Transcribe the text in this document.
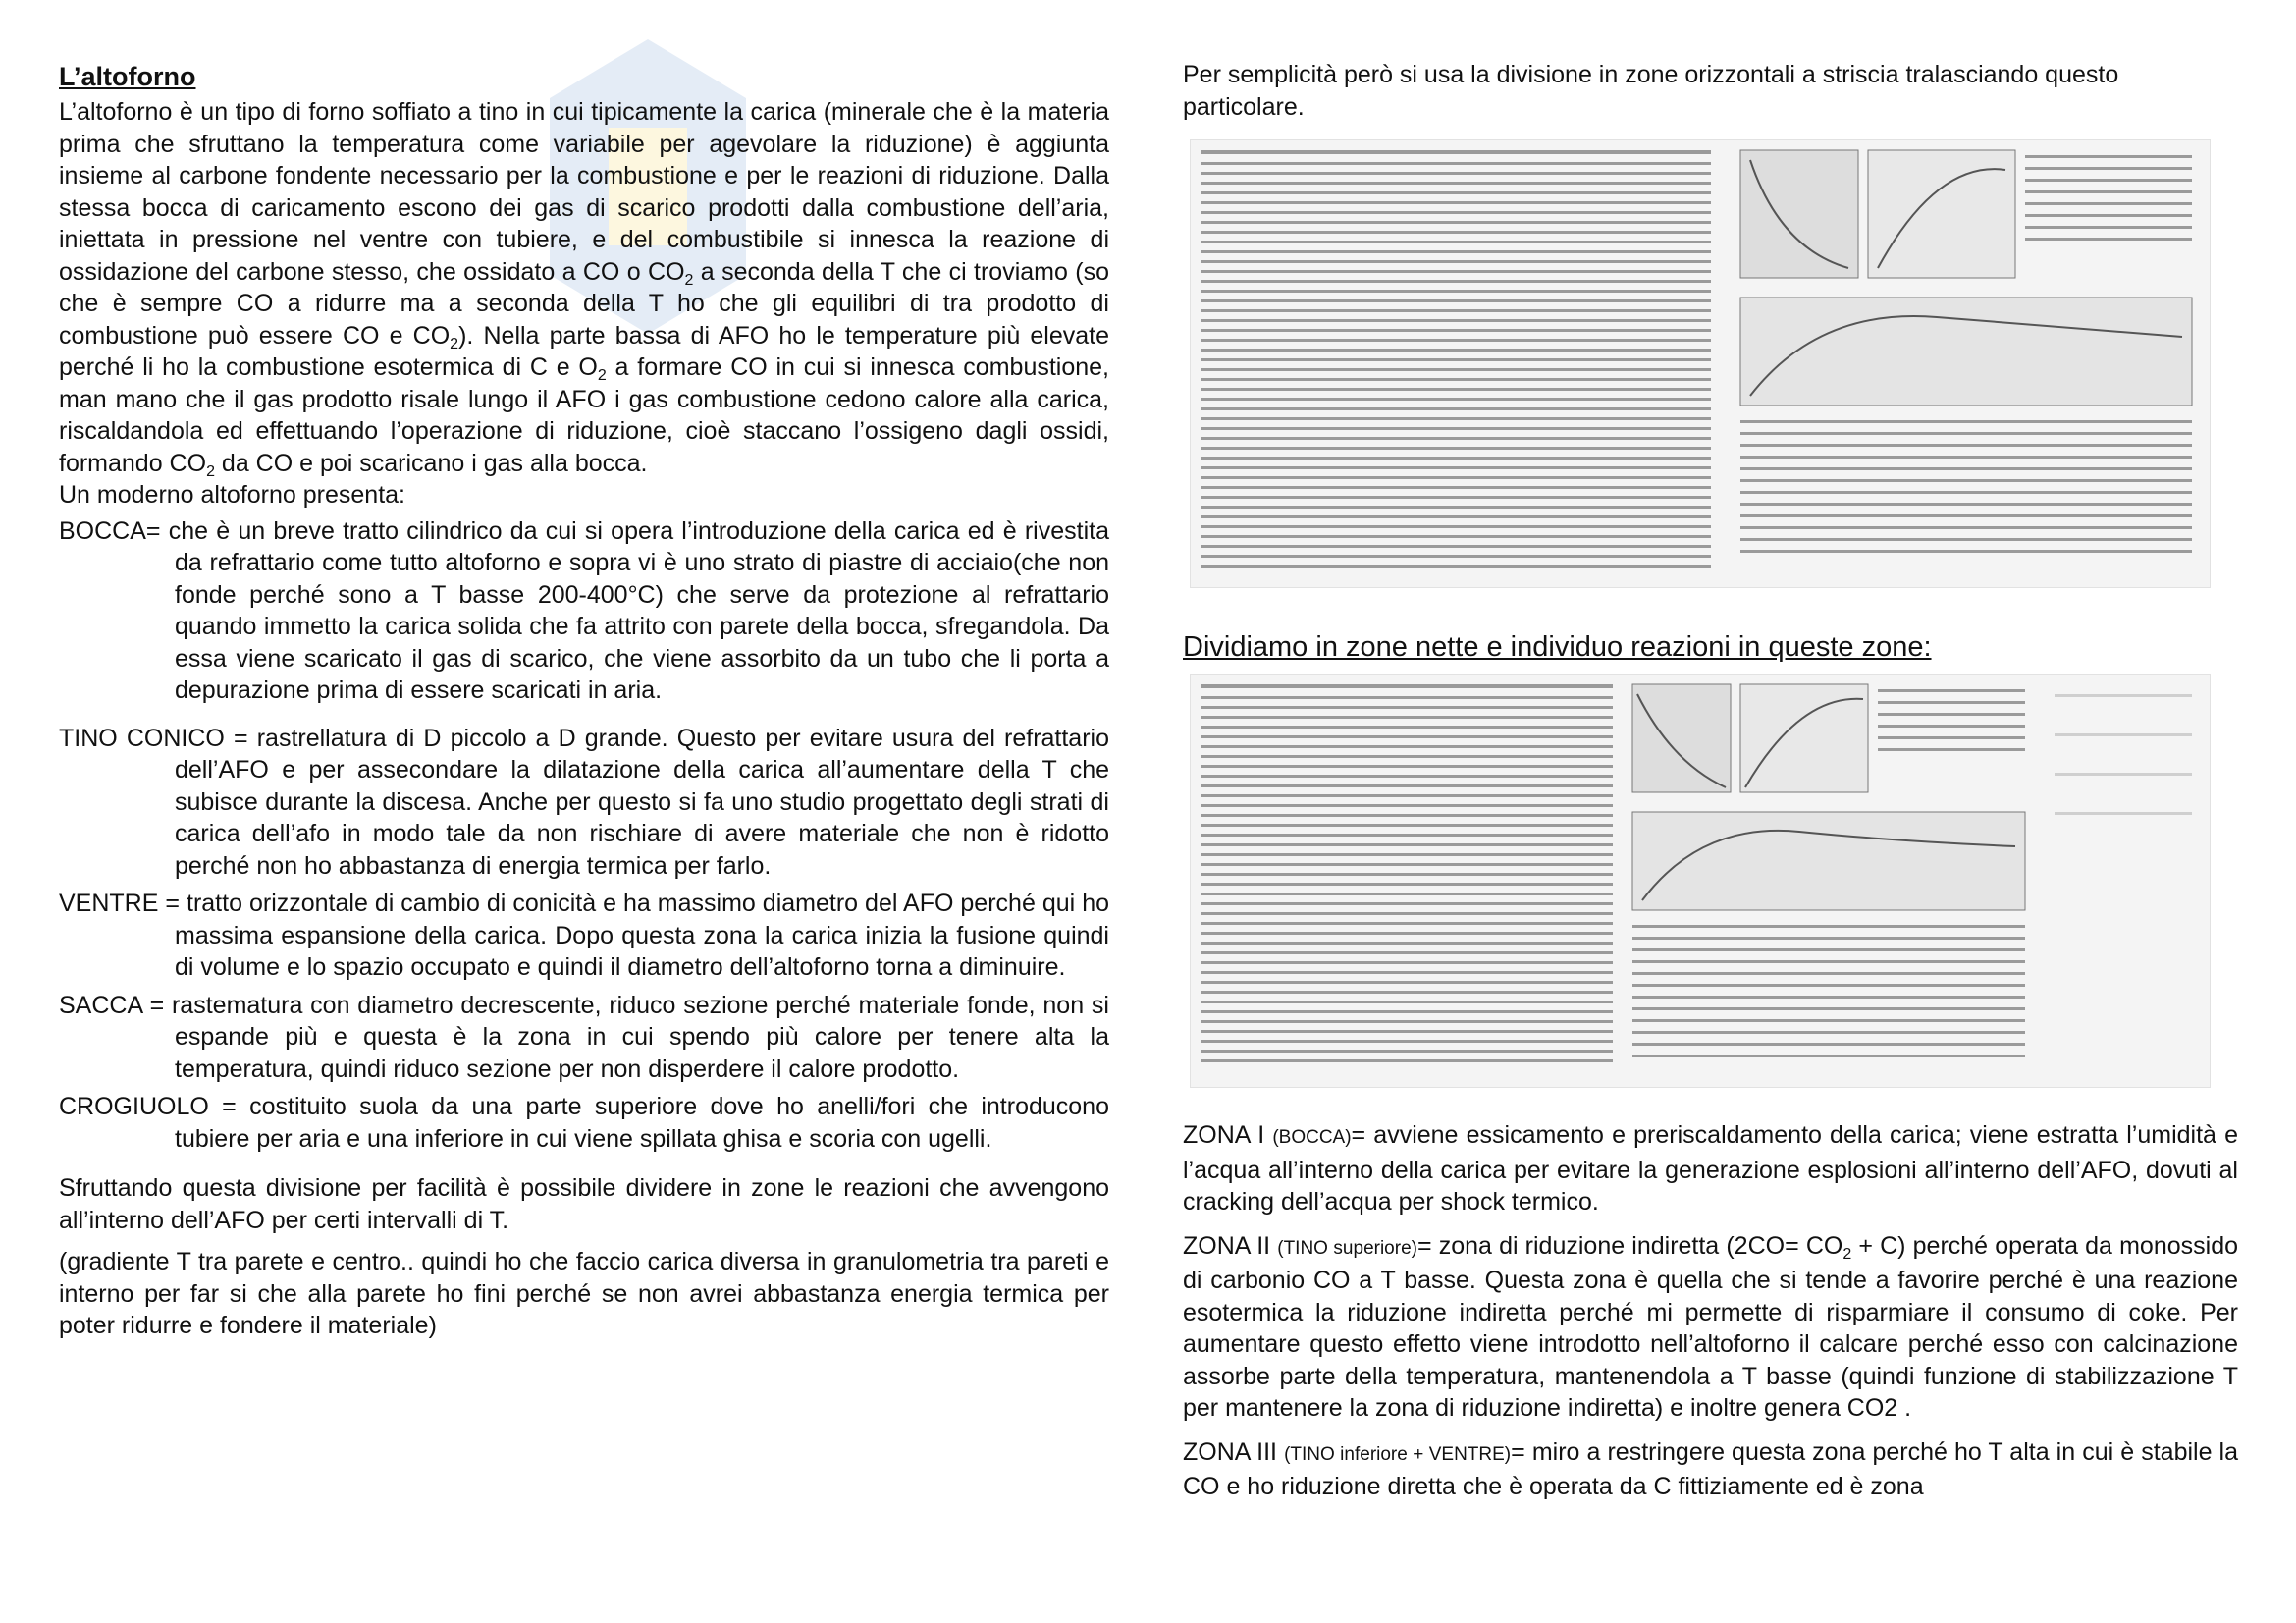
L’altoforno

L’altoforno è un tipo di forno soffiato a tino in cui tipicamente la carica (minerale che è la materia prima che sfruttano la temperatura come variabile per agevolare la riduzione) è aggiunta insieme al carbone fondente necessario per la combustione e per le reazioni di riduzione. Dalla stessa bocca di caricamento escono dei gas di scarico prodotti dalla combustione dell’aria, iniettata in pressione nel ventre con tubiere, e del combustibile si innesca la reazione di ossidazione del carbone stesso, che ossidato a CO o $CO_2$ a seconda della T che ci troviamo (so che è sempre CO a ridurre ma a seconda della T ho che gli equilibri di tra prodotto di combustione può essere CO e $CO_2$). Nella parte bassa di AFO ho le temperature più elevate perché li ho la combustione esotermica di C e $O_2$ a formare CO in cui si innesca combustione, man mano che il gas prodotto risale lungo il AFO i gas combustione cedono calore alla carica, riscaldandola ed effettuando l’operazione di riduzione, cioè staccano l’ossigeno dagli ossidi, formando $CO_2$ da CO e poi scaricano i gas alla bocca.

Un moderno altoforno presenta:

BOCCA= che è un breve tratto cilindrico da cui si opera l’introduzione della carica ed è rivestita da refrattario come tutto altoforno e sopra vi è uno strato di piastre di acciaio(che non fonde perché sono a T basse 200-400°C) che serve da protezione al refrattario quando immetto la carica solida che fa attrito con parete della bocca, sfregandola. Da essa viene scaricato il gas di scarico, che viene assorbito da un tubo che li porta a depurazione prima di essere scaricati in aria.

TINO CONICO = rastrellatura di D piccolo a D grande. Questo per evitare usura del refrattario dell’AFO e per assecondare la dilatazione della carica all’aumentare della T che subisce durante la discesa. Anche per questo si fa uno studio progettato degli strati di carica dell’afo in modo tale da non rischiare di avere materiale che non è ridotto perché non ho abbastanza di energia termica per farlo.

VENTRE = tratto orizzontale di cambio di conicità e ha massimo diametro del AFO perché qui ho massima espansione della carica. Dopo questa zona la carica inizia la fusione quindi di volume e lo spazio occupato e quindi il diametro dell’altoforno torna a diminuire.

SACCA = rastematura con diametro decrescente, riduco sezione perché materiale fonde, non si espande più e questa è la zona in cui spendo più calore per tenere alta la temperatura, quindi riduco sezione per non disperdere il calore prodotto.

CROGIUOLO = costituito suola da una parte superiore dove ho anelli/fori che introducono tubiere per aria e una inferiore in cui viene spillata ghisa e scoria con ugelli.

Sfruttando questa divisione per facilità è possibile dividere in zone le reazioni che avvengono all’interno dell’AFO per certi intervalli di T.

(gradiente T tra parete e centro.. quindi ho che faccio carica diversa in granulometria tra pareti e interno per far si che alla parete ho fini perché se non avrei abbastanza energia termica per poter ridurre e fondere il materiale)

Per semplicità però si usa la divisione in zone orizzontali a striscia tralasciando questo particolare.

Dividiamo in zone nette e individuo reazioni in queste zone:

ZONA I (BOCCA)= avviene essicamento e preriscaldamento della carica; viene estratta l’umidità e l’acqua all’interno della carica per evitare la generazione esplosioni all’interno dell’AFO, dovuti al cracking dell’acqua per shock termico.

ZONA II (TINO superiore)= zona di riduzione indiretta $(2CO= CO_2 + C)$ perché operata da monossido di carbonio CO a T basse. Questa zona è quella che si tende a favorire perché è una reazione esotermica la riduzione indiretta perché mi permette di risparmiare il consumo di coke. Per aumentare questo effetto viene introdotto nell’altoforno il calcare perché esso con calcinazione assorbe parte della temperatura, mantenendola a T basse (quindi funzione di stabilizzazione T per mantenere la zona di riduzione indiretta) e inoltre genera CO2 .

ZONA III (TINO inferiore + VENTRE)= miro a restringere questa zona perché ho T alta in cui è stabile la CO e ho riduzione diretta che è operata da C fittiziamente ed è zona
